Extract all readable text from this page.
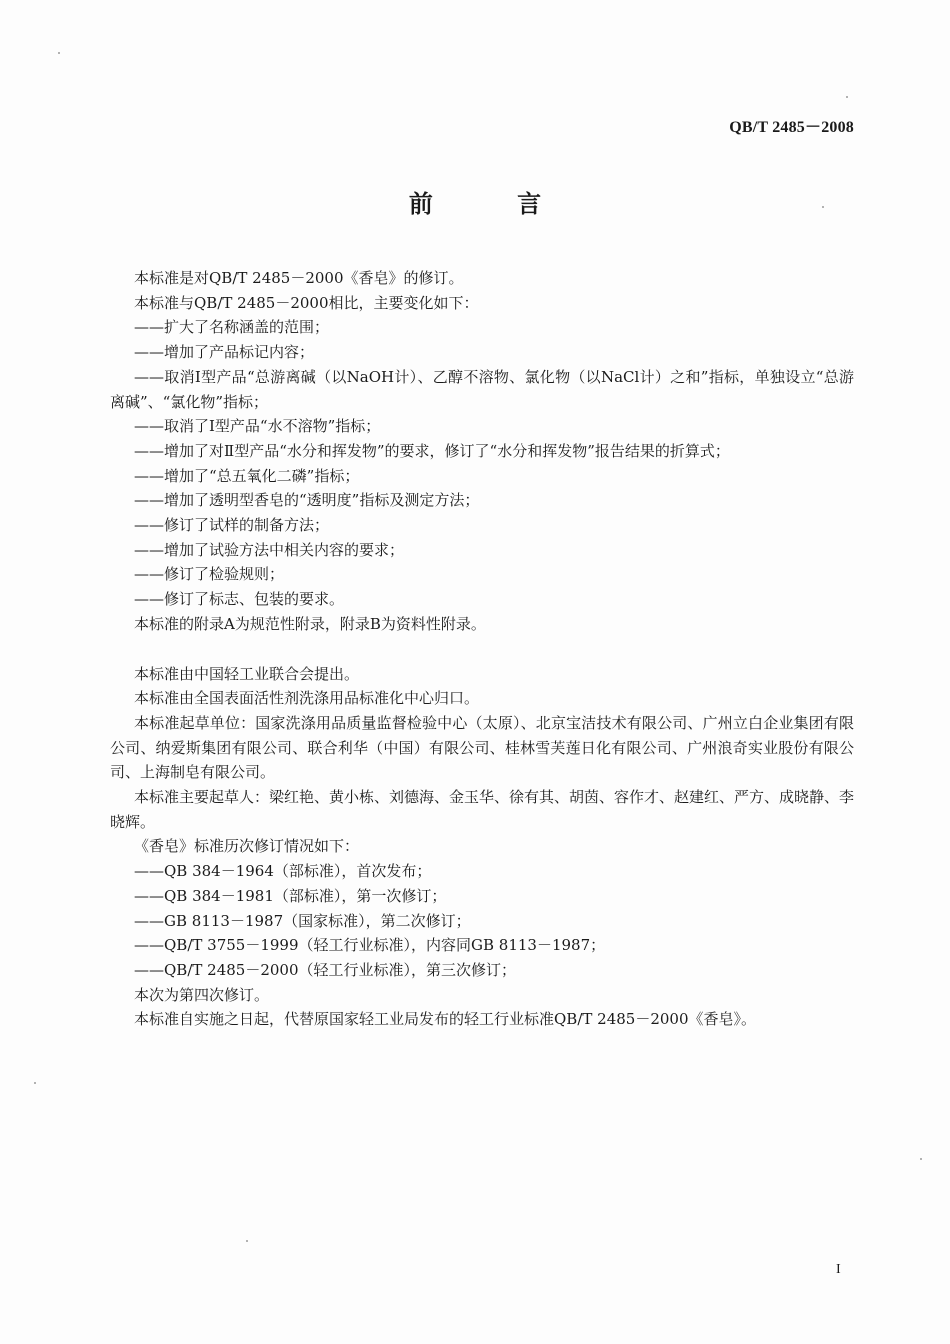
QB/T 2485－2008
前 言
本标准是对QB/T 2485－2000《香皂》的修订。
本标准与QB/T 2485－2000相比，主要变化如下：
——扩大了名称涵盖的范围；
——增加了产品标记内容；
——取消Ⅰ型产品“总游离碱（以NaOH计）、乙醇不溶物、氯化物（以NaCl计）之和”指标，单独设立“总游离碱”、“氯化物”指标；
——取消了Ⅰ型产品“水不溶物”指标；
——增加了对Ⅱ型产品“水分和挥发物”的要求，修订了“水分和挥发物”报告结果的折算式；
——增加了“总五氧化二磷”指标；
——增加了透明型香皂的“透明度”指标及测定方法；
——修订了试样的制备方法；
——增加了试验方法中相关内容的要求；
——修订了检验规则；
——修订了标志、包装的要求。
本标准的附录A为规范性附录，附录B为资料性附录。
本标准由中国轻工业联合会提出。
本标准由全国表面活性剂洗涤用品标准化中心归口。
本标准起草单位：国家洗涤用品质量监督检验中心（太原）、北京宝洁技术有限公司、广州立白企业集团有限公司、纳爱斯集团有限公司、联合利华（中国）有限公司、桂林雪芙莲日化有限公司、广州浪奇实业股份有限公司、上海制皂有限公司。
本标准主要起草人：梁红艳、黄小栋、刘德海、金玉华、徐有其、胡茵、容作才、赵建红、严方、成晓静、李晓辉。
《香皂》标准历次修订情况如下：
——QB 384－1964（部标准），首次发布；
——QB 384－1981（部标准），第一次修订；
——GB 8113－1987（国家标准），第二次修订；
——QB/T 3755－1999（轻工行业标准），内容同GB 8113－1987；
——QB/T 2485－2000（轻工行业标准），第三次修订；
本次为第四次修订。
本标准自实施之日起，代替原国家轻工业局发布的轻工行业标准QB/T 2485－2000《香皂》。
I
